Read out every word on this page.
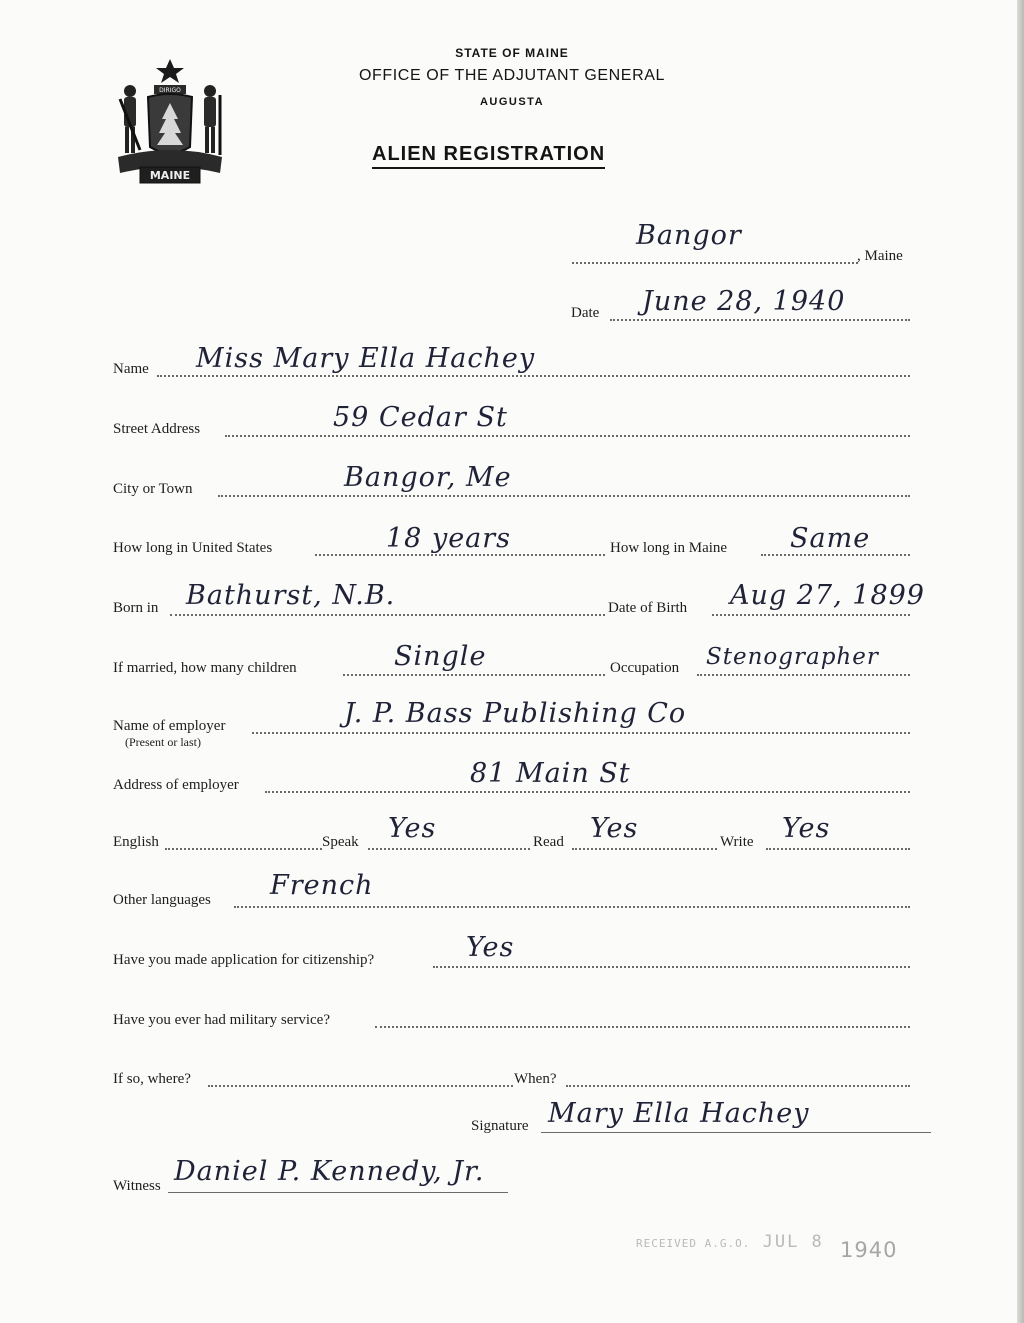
DIRIGO
MAINE
STATE OF MAINE
OFFICE OF THE ADJUTANT GENERAL
AUGUSTA
ALIEN REGISTRATION
Bangor
, Maine
Date June 28, 1940
Name Miss Mary Ella Hachey
Street Address	59 Cedar St
City or Town	Bangor, Me
How long in United States	18 years	How long in Maine Same
Born in Bathurst, N.B.	Date of Birth Aug 27, 1899
If married, how many children	Single	Occupation Stenographer
Name of employer
(Present or last)
J. P. Bass Publishing Co
Address of employer	81 Main St
English	Speak Yes	Read Yes	Write Yes
Other languages French
Have you made application for citizenship?	Yes
Have you ever had military service?
If so, where?	When?
Signature Mary Ella Hachey
Witness Daniel P. Kennedy, Jr.
RECEIVED A.G.O. JUL 8 1940
